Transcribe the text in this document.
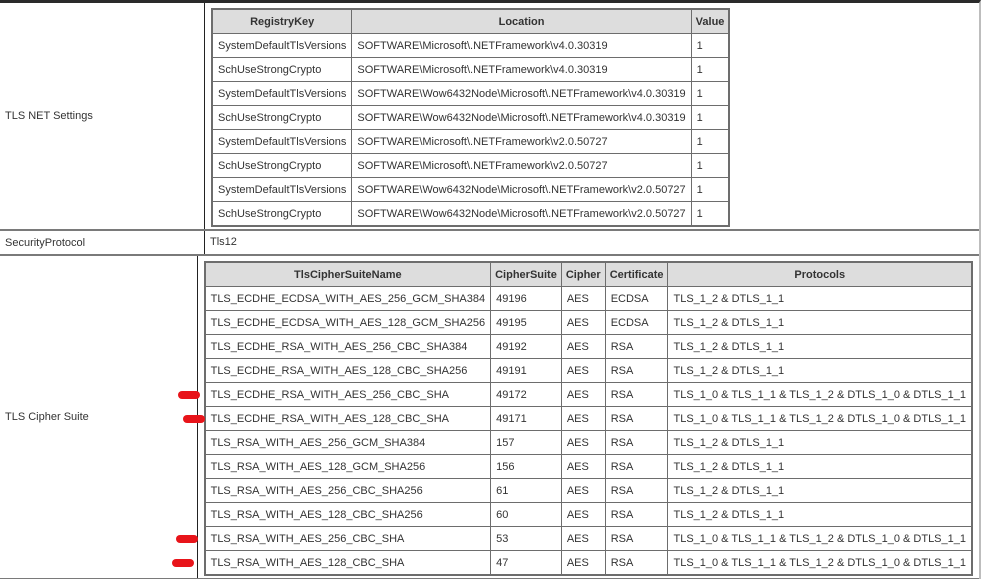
TLS NET Settings
RegistryKey	Location	Value
SystemDefaultTlsVersions	SOFTWARE\Microsoft\.NETFramework\v4.0.30319	1
SchUseStrongCrypto	SOFTWARE\Microsoft\.NETFramework\v4.0.30319	1
SystemDefaultTlsVersions	SOFTWARE\Wow6432Node\Microsoft\.NETFramework\v4.0.30319	1
SchUseStrongCrypto	SOFTWARE\Wow6432Node\Microsoft\.NETFramework\v4.0.30319	1
SystemDefaultTlsVersions	SOFTWARE\Microsoft\.NETFramework\v2.0.50727	1
SchUseStrongCrypto	SOFTWARE\Microsoft\.NETFramework\v2.0.50727	1
SystemDefaultTlsVersions	SOFTWARE\Wow6432Node\Microsoft\.NETFramework\v2.0.50727	1
SchUseStrongCrypto	SOFTWARE\Wow6432Node\Microsoft\.NETFramework\v2.0.50727	1
SecurityProtocol	Tls12
TLS Cipher Suite
TlsCipherSuiteName	CipherSuite	Cipher	Certificate	Protocols
TLS_ECDHE_ECDSA_WITH_AES_256_GCM_SHA384	49196	AES	ECDSA	TLS_1_2 & DTLS_1_1
TLS_ECDHE_ECDSA_WITH_AES_128_GCM_SHA256	49195	AES	ECDSA	TLS_1_2 & DTLS_1_1
TLS_ECDHE_RSA_WITH_AES_256_CBC_SHA384	49192	AES	RSA	TLS_1_2 & DTLS_1_1
TLS_ECDHE_RSA_WITH_AES_128_CBC_SHA256	49191	AES	RSA	TLS_1_2 & DTLS_1_1
TLS_ECDHE_RSA_WITH_AES_256_CBC_SHA	49172	AES	RSA	TLS_1_0 & TLS_1_1 & TLS_1_2 & DTLS_1_0 & DTLS_1_1
TLS_ECDHE_RSA_WITH_AES_128_CBC_SHA	49171	AES	RSA	TLS_1_0 & TLS_1_1 & TLS_1_2 & DTLS_1_0 & DTLS_1_1
TLS_RSA_WITH_AES_256_GCM_SHA384	157	AES	RSA	TLS_1_2 & DTLS_1_1
TLS_RSA_WITH_AES_128_GCM_SHA256	156	AES	RSA	TLS_1_2 & DTLS_1_1
TLS_RSA_WITH_AES_256_CBC_SHA256	61	AES	RSA	TLS_1_2 & DTLS_1_1
TLS_RSA_WITH_AES_128_CBC_SHA256	60	AES	RSA	TLS_1_2 & DTLS_1_1
TLS_RSA_WITH_AES_256_CBC_SHA	53	AES	RSA	TLS_1_0 & TLS_1_1 & TLS_1_2 & DTLS_1_0 & DTLS_1_1
TLS_RSA_WITH_AES_128_CBC_SHA	47	AES	RSA	TLS_1_0 & TLS_1_1 & TLS_1_2 & DTLS_1_0 & DTLS_1_1
